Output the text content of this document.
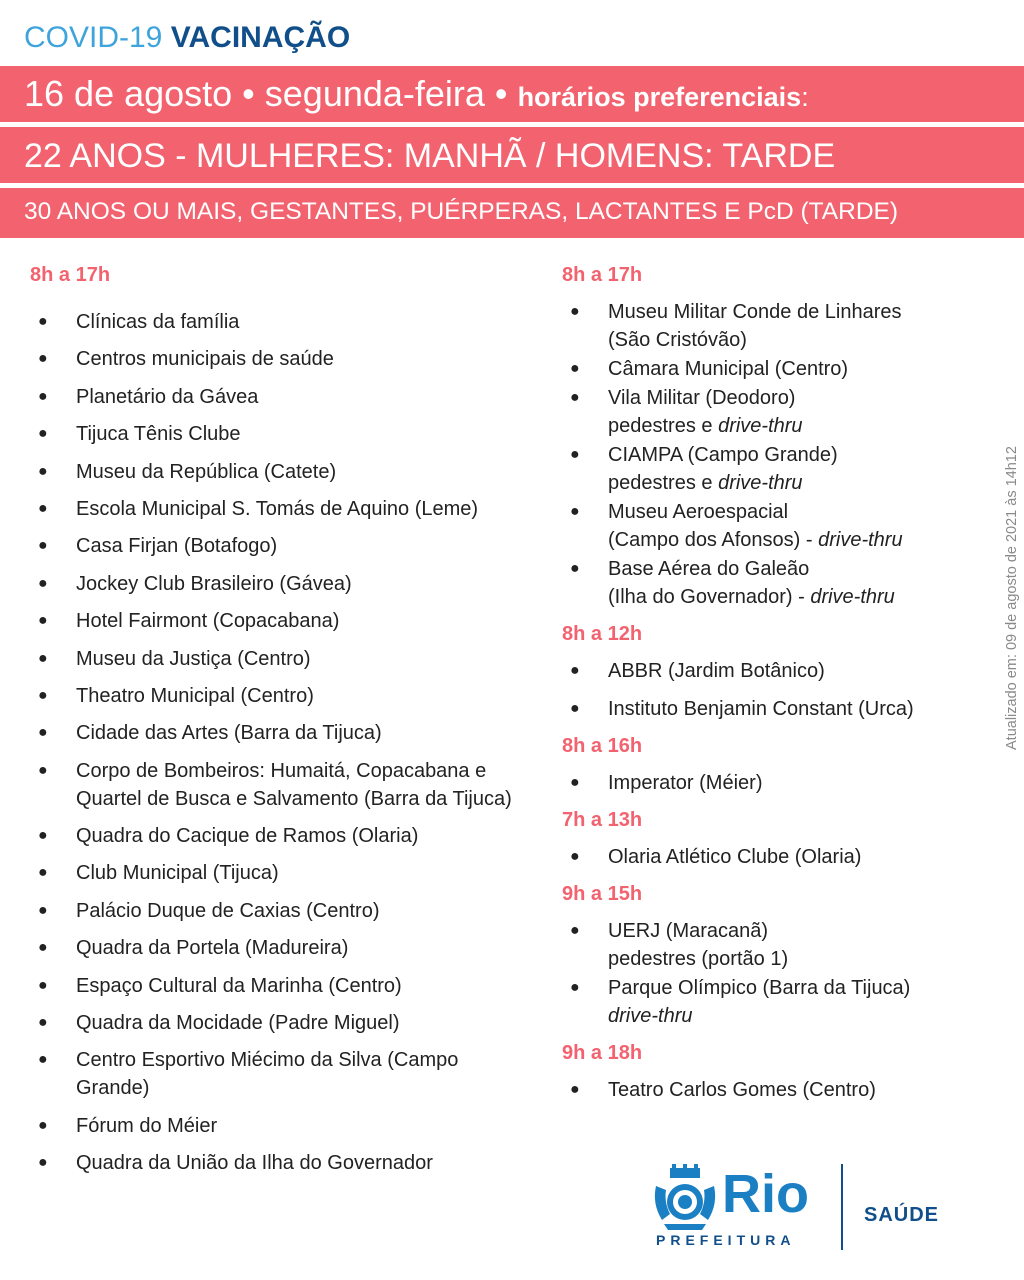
COVID-19 VACINAÇÃO
16 de agosto • segunda-feira • horários preferenciais:
22 ANOS - MULHERES: MANHÃ / HOMENS: TARDE
30 ANOS OU MAIS, GESTANTES, PUÉRPERAS, LACTANTES E PcD (TARDE)
8h a 17h
● Clínicas da família
● Centros municipais de saúde
● Planetário da Gávea
● Tijuca Tênis Clube
● Museu da República (Catete)
● Escola Municipal S. Tomás de Aquino (Leme)
● Casa Firjan (Botafogo)
● Jockey Club Brasileiro (Gávea)
● Hotel Fairmont (Copacabana)
● Museu da Justiça (Centro)
● Theatro Municipal (Centro)
● Cidade das Artes (Barra da Tijuca)
● Corpo de Bombeiros: Humaitá, Copacabana e Quartel de Busca e Salvamento (Barra da Tijuca)
● Quadra do Cacique de Ramos (Olaria)
● Club Municipal (Tijuca)
● Palácio Duque de Caxias (Centro)
● Quadra da Portela (Madureira)
● Espaço Cultural da Marinha (Centro)
● Quadra da Mocidade (Padre Miguel)
● Centro Esportivo Miécimo da Silva (Campo Grande)
● Fórum do Méier
● Quadra da União da Ilha do Governador
8h a 17h
● Museu Militar Conde de Linhares
(São Cristóvão)
● Câmara Municipal (Centro)
● Vila Militar (Deodoro)
pedestres e drive-thru
● CIAMPA (Campo Grande)
pedestres e drive-thru
● Museu Aeroespacial
(Campo dos Afonsos) - drive-thru
● Base Aérea do Galeão
(Ilha do Governador) - drive-thru
8h a 12h
● ABBR (Jardim Botânico)
● Instituto Benjamin Constant (Urca)
8h a 16h
● Imperator (Méier)
7h a 13h
● Olaria Atlético Clube (Olaria)
9h a 15h
● UERJ (Maracanã)
pedestres (portão 1)
● Parque Olímpico (Barra da Tijuca)
drive-thru
9h a 18h
● Teatro Carlos Gomes (Centro)
Atualizado em: 09 de agosto de 2021 às 14h12
Rio
PREFEITURA
SAÚDE
